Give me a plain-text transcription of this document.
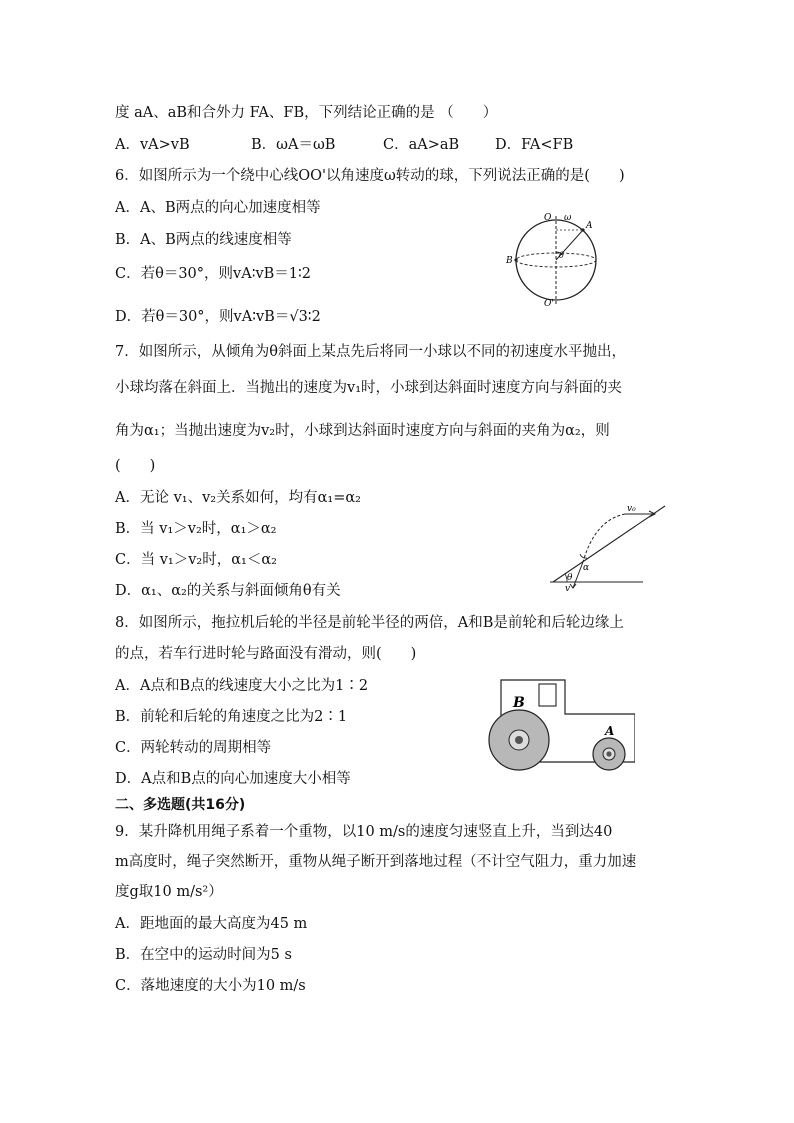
度 aA、aB和合外力 FA、FB，下列结论正确的是 （　　）
A．vA>vB	B．ωA＝ωB	C．aA>aB D．FA<FB
6．如图所示为一个绕中心线OO'以角速度ω转动的球，下列说法正确的是(　　)
A．A、B两点的向心加速度相等
B．A、B两点的线速度相等
C．若θ＝30°，则vA∶vB＝1∶2
D．若θ＝30°，则vA∶vB＝√3∶2
O ω
A
B
θ
O'
7．如图所示，从倾角为θ斜面上某点先后将同一小球以不同的初速度水平抛出，
小球均落在斜面上．当抛出的速度为v₁时，小球到达斜面时速度方向与斜面的夹
角为α₁；当抛出速度为v₂时，小球到达斜面时速度方向与斜面的夹角为α₂，则
(　　)
A．无论 v₁、v₂关系如何，均有α₁=α₂
B．当 v₁＞v₂时，α₁＞α₂
C．当 v₁＞v₂时，α₁＜α₂
D．α₁、α₂的关系与斜面倾角θ有关
v₀
α
θ
v
8．如图所示，拖拉机后轮的半径是前轮半径的两倍，A和B是前轮和后轮边缘上
的点，若车行进时轮与路面没有滑动，则(　　)
A．A点和B点的线速度大小之比为1∶2
B．前轮和后轮的角速度之比为2∶1
C．两轮转动的周期相等
D．A点和B点的向心加速度大小相等
B
A
二、多选题(共16分)
9．某升降机用绳子系着一个重物，以10 m/s的速度匀速竖直上升，当到达40
m高度时，绳子突然断开，重物从绳子断开到落地过程（不计空气阻力，重力加速
度g取10 m/s²）
A．距地面的最大高度为45 m
B．在空中的运动时间为5 s
C．落地速度的大小为10 m/s
